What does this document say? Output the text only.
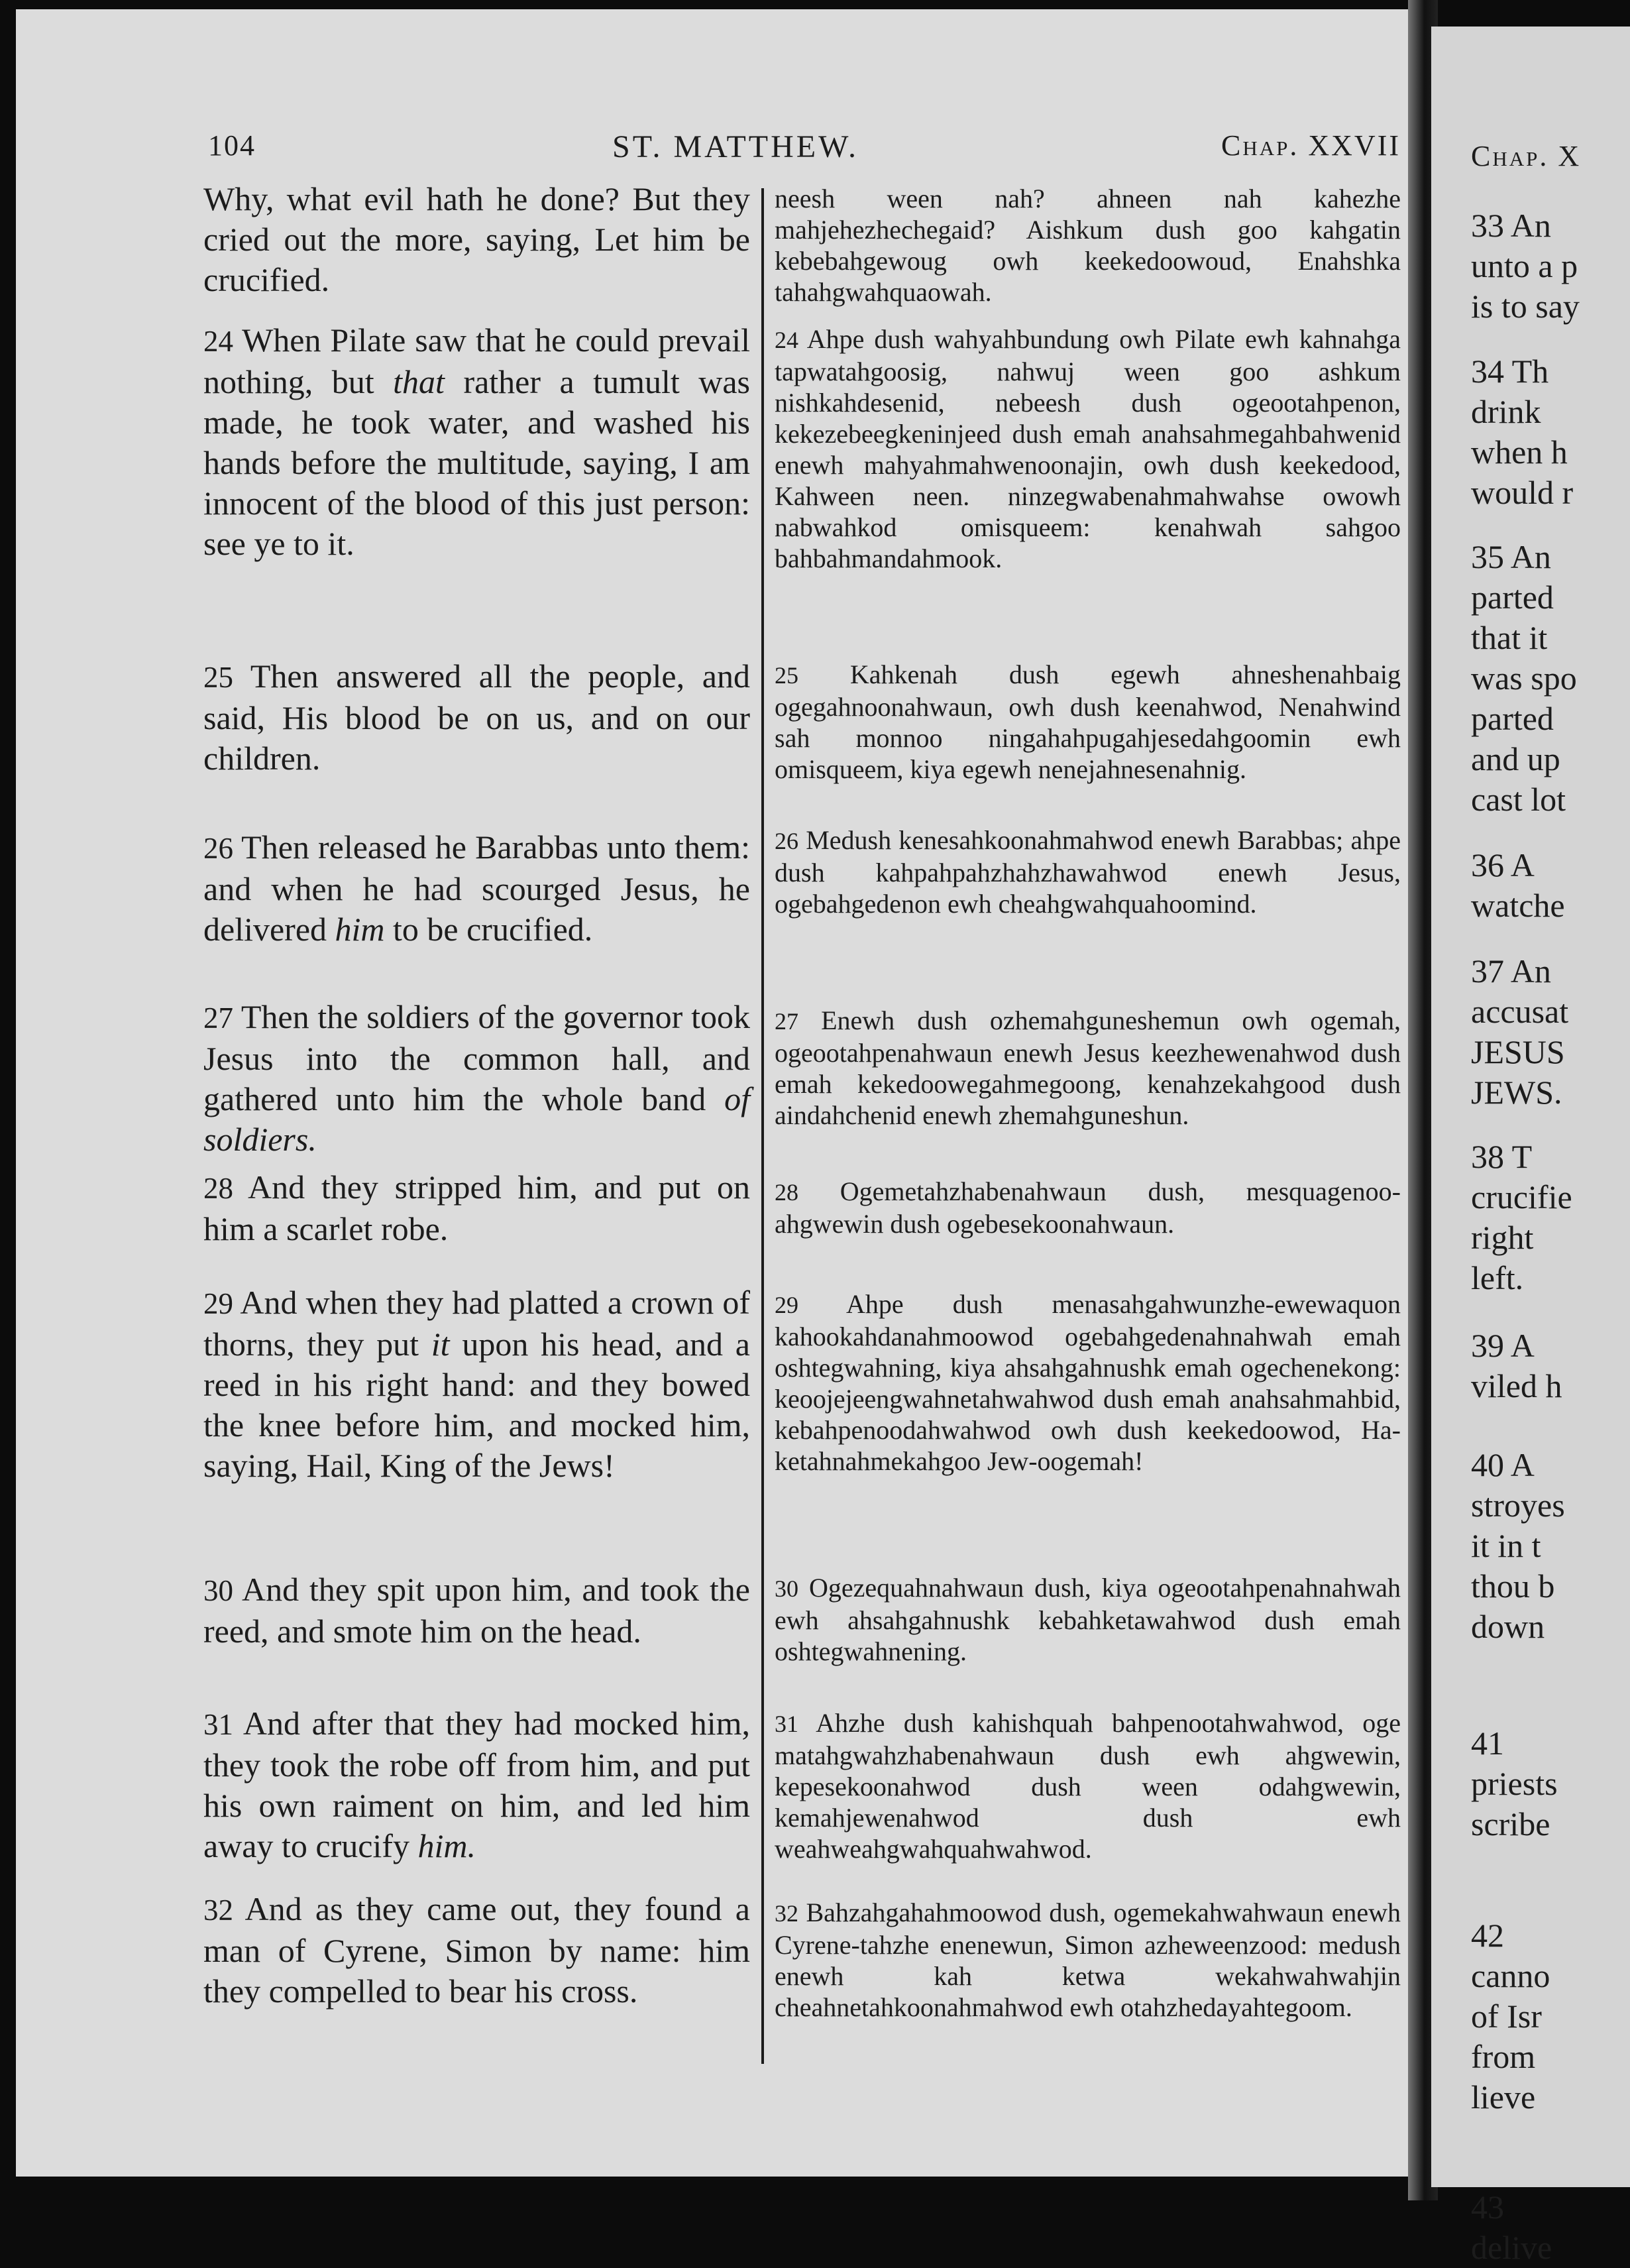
104	ST. MATTHEW.	Chap. XXVII

Why, what evil hath he done? But they cried out the more, saying, Let him be crucified.

24 When Pilate saw that he could prevail nothing, but that rather a tumult was made, he took water, and washed his hands before the multitude, saying, I am innocent of the blood of this just person: see ye to it.

25 Then answered all the people, and said, His blood be on us, and on our children.

26 Then released he Barabbas unto them: and when he had scourged Jesus, he delivered him to be crucified.

27 Then the soldiers of the governor took Jesus into the common hall, and gathered unto him the whole band of soldiers.

28 And they stripped him, and put on him a scarlet robe.

29 And when they had platted a crown of thorns, they put it upon his head, and a reed in his right hand: and they bowed the knee before him, and mocked him, saying, Hail, King of the Jews!

30 And they spit upon him, and took the reed, and smote him on the head.

31 And after that they had mocked him, they took the robe off from him, and put his own raiment on him, and led him away to crucify him.

32 And as they came out, they found a man of Cyrene, Simon by name: him they compelled to bear his cross.

neesh ween nah? ahneen nah kahezhe mahjehezhechegaid? Aishkum dush goo kahgatin kebebahgewoug owh keekedoowoud, Enahshka tahahgwahquaowah.

24 Ahpe dush wahyahbundung owh Pilate ewh kahnahga tapwatahgoosig, nahwuj ween goo ashkum nishkahdesenid, nebeesh dush ogeootahpenon, kekezebeegkeninjeed dush emah anahsahmegahbahwenid enewh mahyahmahwenoonajin, owh dush keekedood, Kahween neen. ninzegwabenahmahwahse owowh nabwahkod omisqueem: kenahwah sahgoo bahbahmandahmook.

25 Kahkenah dush egewh ahneshenahbaig ogegahnoonahwaun, owh dush keenahwod, Nenahwind sah monnoo ningahahpugahjesedahgoomin ewh omisqueem, kiya egewh nenejahnesenahnig.

26 Medush kenesahkoonahmahwod enewh Barabbas; ahpe dush kahpahpahzhahzhawahwod enewh Jesus, ogebahgedenon ewh cheahgwahquahoomind.

27 Enewh dush ozhemahguneshemun owh ogemah, ogeootahpenahwaun enewh Jesus keezhewenahwod dush emah kekedoowegahmegoong, kenahzekahgood dush aindahchenid enewh zhemahguneshun.

28 Ogemetahzhabenahwaun dush, mesquagenoo-ahgwewin dush ogebesekoonahwaun.

29 Ahpe dush menasahgahwunzhe-ewewaquon kahookahdanahmoowod ogebahgedenahnahwah emah oshtegwahning, kiya ahsahgahnushk emah ogechenekong: keoojejeengwahnetahwahwod dush emah anahsahmahbid, kebahpenoodahwahwod owh dush keekedoowod, Ha-ketahnahmekahgoo Jew-oogemah!

30 Ogezequahnahwaun dush, kiya ogeootahpenahnahwah ewh ahsahgahnushk kebahketawahwod dush emah oshtegwahnening.

31 Ahzhe dush kahishquah bahpenootahwahwod, oge matahgwahzhabenahwaun dush ewh ahgwewin, kepesekoonahwod dush ween odahgwewin, kemahjewenahwod dush ewh weahweahgwahquahwahwod.

32 Bahzahgahahmoowod dush, ogemekahwahwaun enewh Cyrene-tahzhe enenewun, Simon azheweenzood: medush enewh kah ketwa wekahwahwahjin cheahnetahkoonahmahwod ewh otahzhedayahtegoom.

Chap. X
33 An
unto a p
is to say
34 Th
drink
when h
would r
35 An
parted
that it
was spo
parted
and up
cast lot
36 A
watche
37 An
accusat
JESUS
JEWS.
38 T
crucifie
right
left.
39 A
viled h
40 A
stroyes
it in t
thou b
down
41
priests
scribe
42
canno
of Isr
from
lieve
43
delive
